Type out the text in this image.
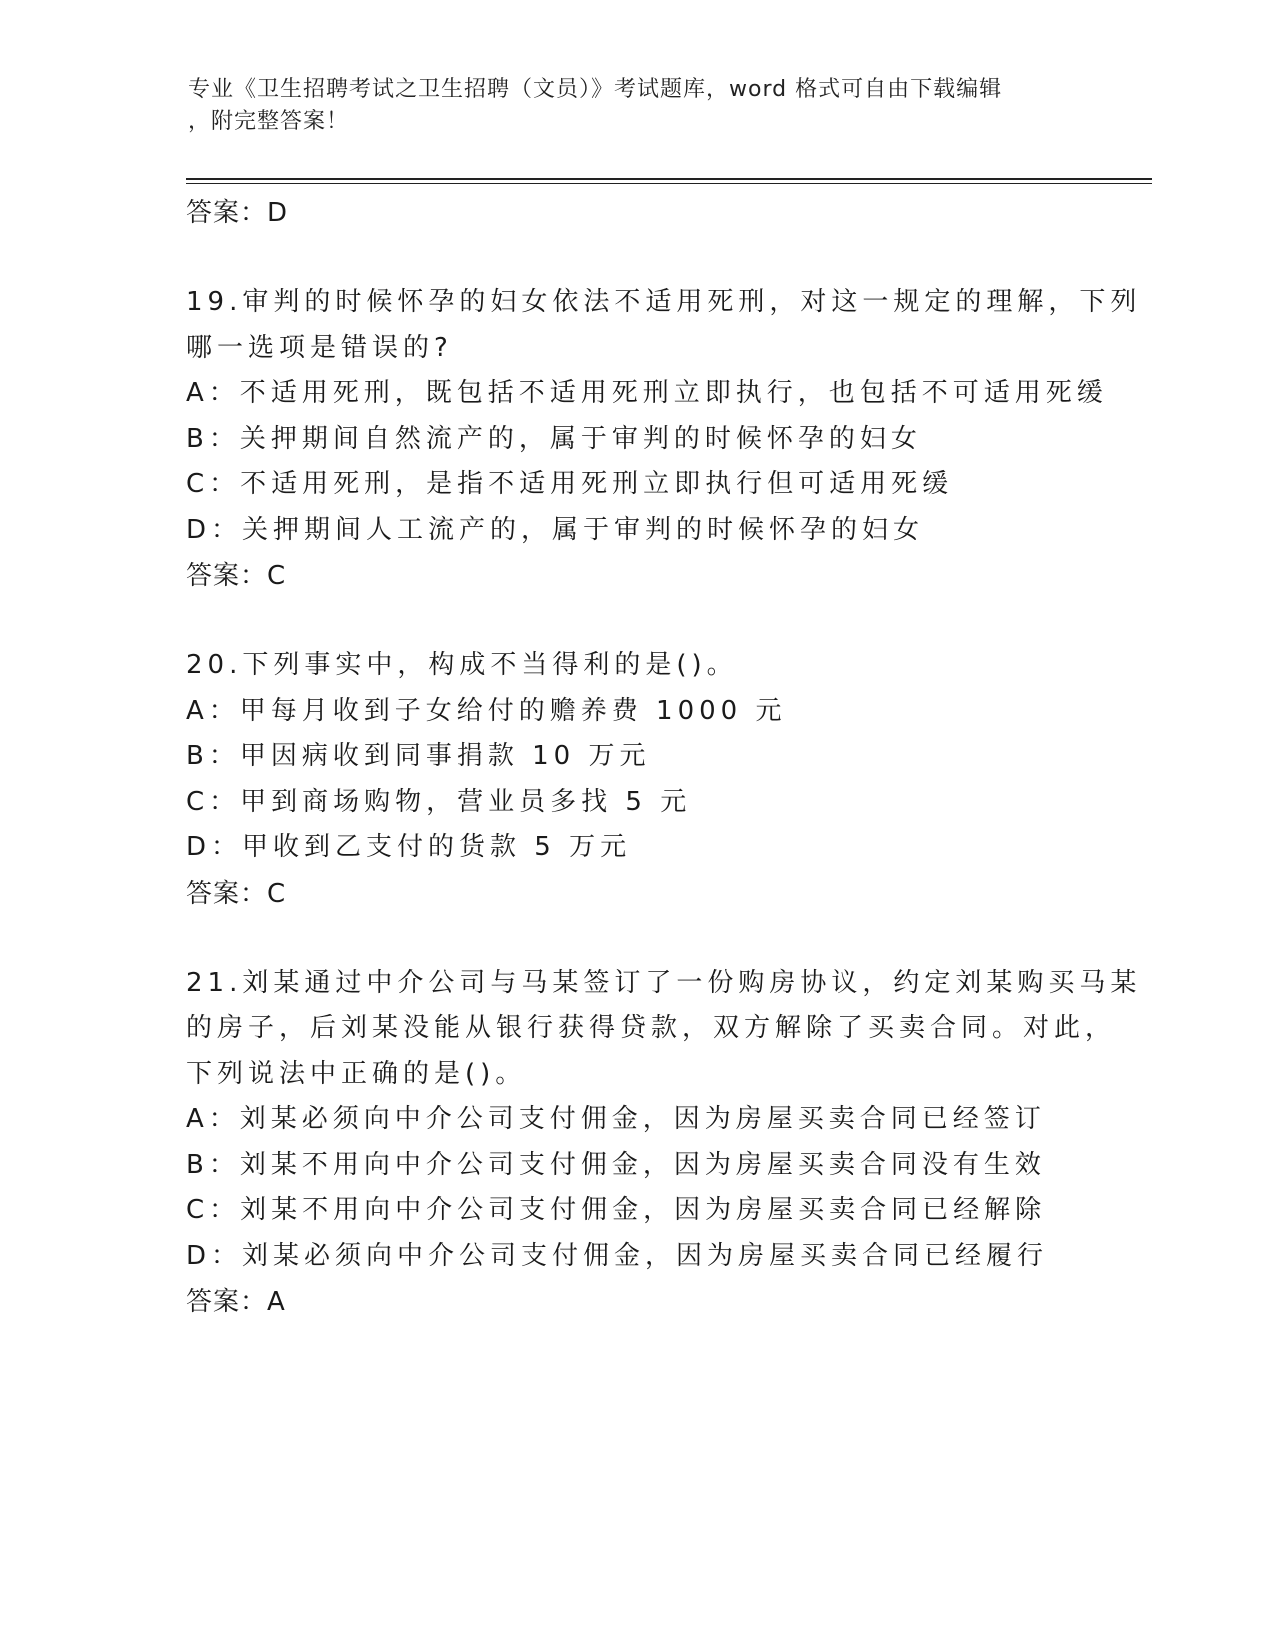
专业《卫生招聘考试之卫生招聘（文员）》考试题库，word 格式可自由下载编辑
，附完整答案！
答案：D
19.审判的时候怀孕的妇女依法不适用死刑，对这一规定的理解，下列
哪一选项是错误的?
A：不适用死刑，既包括不适用死刑立即执行，也包括不可适用死缓
B：关押期间自然流产的，属于审判的时候怀孕的妇女
C：不适用死刑，是指不适用死刑立即执行但可适用死缓
D：关押期间人工流产的，属于审判的时候怀孕的妇女
答案：C
20.下列事实中，构成不当得利的是()。
A：甲每月收到子女给付的赡养费 1000 元
B：甲因病收到同事捐款 10 万元
C：甲到商场购物，营业员多找 5 元
D：甲收到乙支付的货款 5 万元
答案：C
21.刘某通过中介公司与马某签订了一份购房协议，约定刘某购买马某
的房子，后刘某没能从银行获得贷款，双方解除了买卖合同。对此，
下列说法中正确的是()。
A：刘某必须向中介公司支付佣金，因为房屋买卖合同已经签订
B：刘某不用向中介公司支付佣金，因为房屋买卖合同没有生效
C：刘某不用向中介公司支付佣金，因为房屋买卖合同已经解除
D：刘某必须向中介公司支付佣金，因为房屋买卖合同已经履行
答案：A
